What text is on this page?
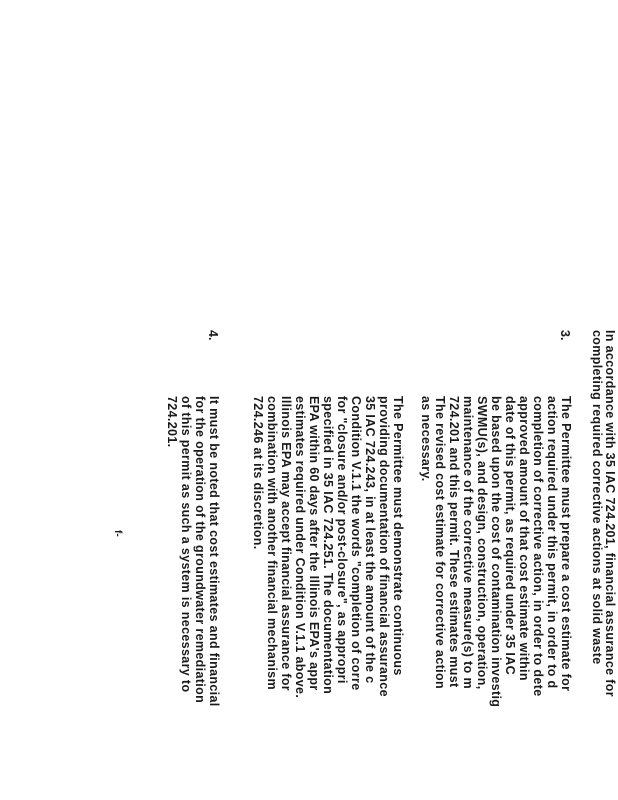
In accordance with 35 IAC 724.201, financial assurance for
completing required corrective actions at solid waste
3.
The Permittee must prepare a cost estimate for
action required under this permit, in order to d
completion of corrective action, in order to dete
approved amount of that cost estimate within
date of this permit, as required under 35 IAC
be based upon the cost of contamination investig
SWMU(s), and design, construction, operation,
maintenance of the corrective measure(s) to m
724.201 and this permit. These estimates must
The revised cost estimate for corrective action
as necessary.
The Permittee must demonstrate continuous
providing documentation of financial assurance
35 IAC 724.243, in at least the amount of the c
Condition V.1.1 the words "completion of corre
for "closure and/or post-closure", as appropri
specified in 35 IAC 724.251. The documentation
EPA within 60 days after the Illinois EPA's appr
estimates required under Condition V.1.1 above.
Illinois EPA may accept financial assurance for
combination with another financial mechanism
724.246 at its discretion.
4.
It must be noted that cost estimates and financial
for the operation of the groundwater remediation
of this permit as such a system is necessary to
724.201.
f-
